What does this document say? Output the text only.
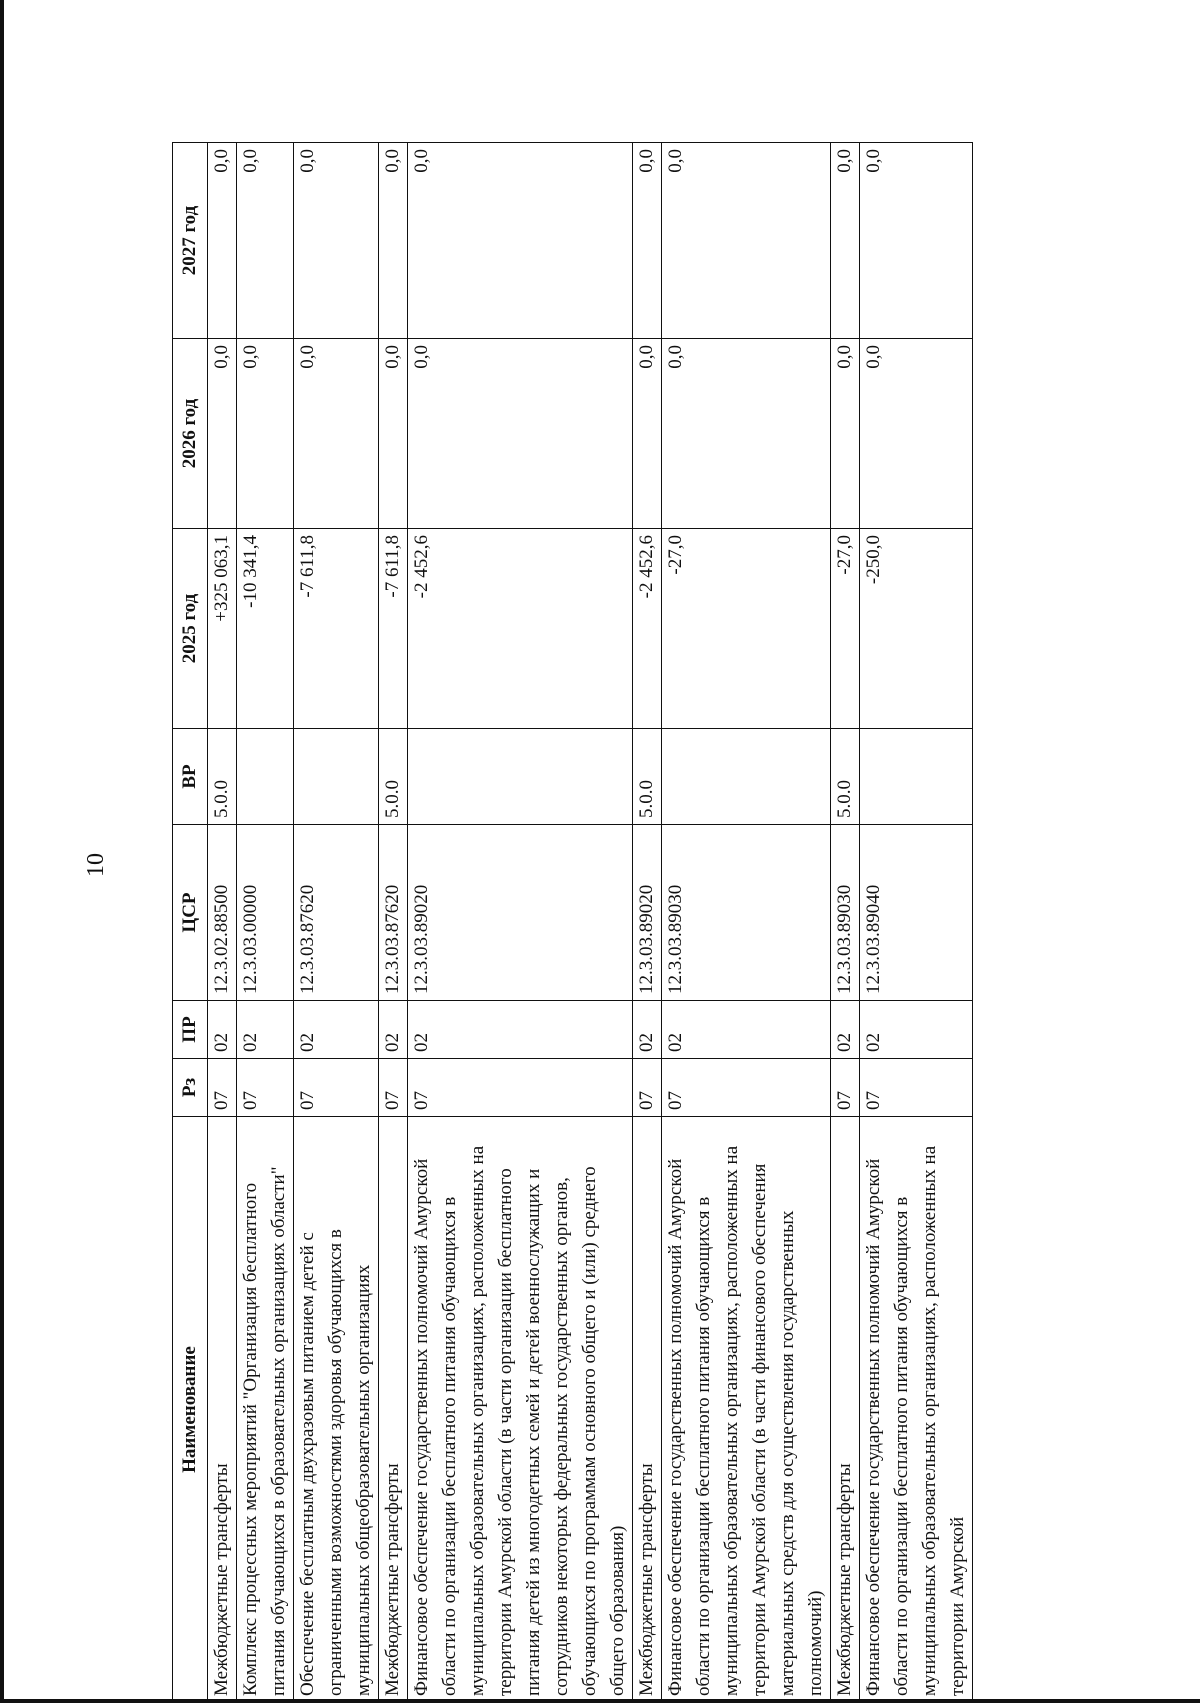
10
Наименование	Рз	ПР	ЦСР	ВР	2025 год	2026 год	2027 год
Межбюджетные трансферты	07	02	12.3.02.88500	5.0.0	+325 063,1	0,0	0,0
Комплекс процессных мероприятий "Организация бесплатного питания обучающихся в образовательных организациях области"	07	02	12.3.03.00000		-10 341,4	0,0	0,0
Обеспечение бесплатным двухразовым питанием детей с ограниченными возможностями здоровья обучающихся в муниципальных общеобразовательных организациях	07	02	12.3.03.87620		-7 611,8	0,0	0,0
Межбюджетные трансферты	07	02	12.3.03.87620	5.0.0	-7 611,8	0,0	0,0
Финансовое обеспечение государственных полномочий Амурской области по организации бесплатного питания обучающихся в муниципальных образовательных организациях, расположенных на территории Амурской области (в части организации бесплатного питания детей из многодетных семей и детей военнослужащих и сотрудников некоторых федеральных государственных органов, обучающихся по программам основного общего и (или) среднего общего образования)	07	02	12.3.03.89020		-2 452,6	0,0	0,0
Межбюджетные трансферты	07	02	12.3.03.89020	5.0.0	-2 452,6	0,0	0,0
Финансовое обеспечение государственных полномочий Амурской области по организации бесплатного питания обучающихся в муниципальных образовательных организациях, расположенных на территории Амурской области (в части финансового обеспечения материальных средств для осуществления государственных полномочий)	07	02	12.3.03.89030		-27,0	0,0	0,0
Межбюджетные трансферты	07	02	12.3.03.89030	5.0.0	-27,0	0,0	0,0
Финансовое обеспечение государственных полномочий Амурской области по организации бесплатного питания обучающихся в муниципальных образовательных организациях, расположенных на территории Амурской	07	02	12.3.03.89040		-250,0	0,0	0,0
